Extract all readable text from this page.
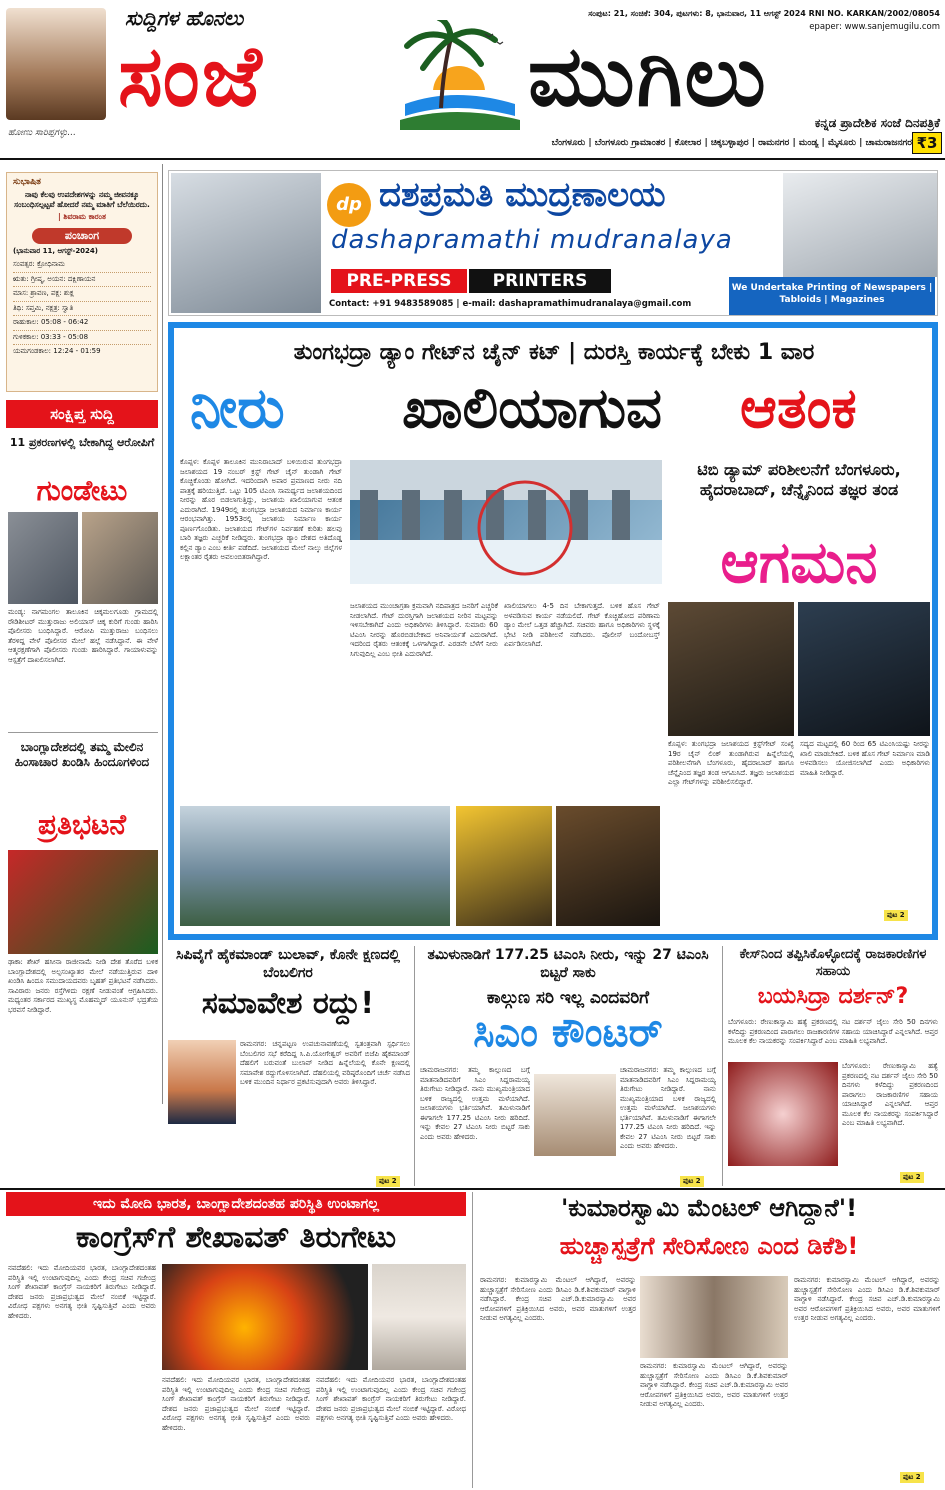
ಹೋಣು ಸಾರಿಪ್ಪಗಳ್ಳು...
ಸುದ್ದಿಗಳ ಹೊನಲು
ಸಂಜೆ	ಮುಗಿಲು
ಸಂಪುಟ: 21, ಸಂಚಿಕೆ: 304, ಪುಟಗಳು: 8, ಭಾನುವಾರ, 11 ಆಗಸ್ಟ್ 2024 RNI NO. KARKAN/2002/08054
epaper: www.sanjemugilu.com
ಕನ್ನಡ ಪ್ರಾದೇಶಿಕ ಸಂಜೆ ದಿನಪತ್ರಿಕೆ
ಬೆಂಗಳೂರು | ಬೆಂಗಳೂರು ಗ್ರಾಮಾಂತರ | ಕೋಲಾರ | ಚಿಕ್ಕಬಳ್ಳಾಪುರ | ರಾಮನಗರ | ಮಂಡ್ಯ | ಮೈಸೂರು | ಚಾಮರಾಜನಗರ ₹3
ಸುಭಾಷಿತ
ನಾವು ಕೆಲವು ಉಪದೇಶಗಳನ್ನು ನಮ್ಮ ಜೀವನಕ್ಕೂ ಸಂಬಂಧಿಸಲ್ಪಟ್ಟವೆ ಹೋದರೆ ನಮ್ಮ ಮಾತಿಗೆ ಬೆಲೆಯಿರದು.
| ಶಿವರಾಮ ಕಾರಂತ
ಪಂಚಾಂಗ
(ಭಾನುವಾರ 11, ಆಗಸ್ಟ್-2024)
ಸಂವತ್ಸರ: ಕ್ರೋಧಿನಾಮ
ಋತು: ಗ್ರೀಷ್ಮ, ಅಯನ: ದಕ್ಷಿಣಾಯನ
ಮಾಸ: ಶ್ರಾವಣ, ಪಕ್ಷ: ಶುಕ್ಲ
ತಿಥಿ: ಸಪ್ತಮಿ, ನಕ್ಷತ್ರ: ಸ್ವಾತಿ
ರಾಹುಕಾಲ: 05:08 - 06:42
ಗುಳಿಕಕಾಲ: 03:33 - 05:08
ಯಮಗಂಡಕಾಲ: 12:24 - 01:59
ಸಂಕ್ಷಿಪ್ತ ಸುದ್ದಿ
11 ಪ್ರಕರಣಗಳಲ್ಲಿ ಬೇಕಾಗಿದ್ದ ಆರೋಪಿಗೆ
ಗುಂಡೇಟು
ಮಂಡ್ಯ: ನಾಗಮಂಗಲ ತಾಲೂಕಿನ ಚಿಕ್ಕಮಲಗೂಡು ಗ್ರಾಮದಲ್ಲಿ ರೌಡಿಶೀಟರ್ ಮುತ್ತುರಾಜು ಅಲಿಯಾಸ್ ಚಿಕ್ಕ ಕುರಿಗೆ ಗುಂಡು ಹಾರಿಸಿ ಪೊಲೀಸರು ಬಂಧಿಸಿದ್ದಾರೆ. ಆರೋಪಿ ಮುತ್ತುರಾಜು ಬಂಧಿಸಲು ತೆರಳಿದ್ದ ವೇಳೆ ಪೊಲೀಸರ ಮೇಲೆ ಹಲ್ಲೆ ನಡೆಸಿದ್ದಾನೆ. ಈ ವೇಳೆ ಆತ್ಮರಕ್ಷಣೆಗಾಗಿ ಪೊಲೀಸರು ಗುಂಡು ಹಾರಿಸಿದ್ದಾರೆ. ಗಾಯಾಳುವನ್ನು ಆಸ್ಪತ್ರೆಗೆ ದಾಖಲಿಸಲಾಗಿದೆ.
ಬಾಂಗ್ಲಾದೇಶದಲ್ಲಿ ತಮ್ಮ ಮೇಲಿನ ಹಿಂಸಾಚಾರ ಖಂಡಿಸಿ ಹಿಂದೂಗಳಿಂದ
ಪ್ರತಿಭಟನೆ
ಢಾಕಾ: ಶೇಖ್ ಹಸೀನಾ ರಾಜೀನಾಮೆ ನೀಡಿ ದೇಶ ತೊರೆದ ಬಳಿಕ ಬಾಂಗ್ಲಾದೇಶದಲ್ಲಿ ಅಲ್ಪಸಂಖ್ಯಾತರ ಮೇಲೆ ನಡೆಯುತ್ತಿರುವ ದಾಳಿ ಖಂಡಿಸಿ ಹಿಂದೂ ಸಮುದಾಯದವರು ಬೃಹತ್ ಪ್ರತಿಭಟನೆ ನಡೆಸಿದರು. ಸಾವಿರಾರು ಜನರು ರಸ್ತೆಗಿಳಿದು ರಕ್ಷಣೆ ನೀಡುವಂತೆ ಆಗ್ರಹಿಸಿದರು. ಮಧ್ಯಂತರ ಸರ್ಕಾರದ ಮುಖ್ಯಸ್ಥ ಮೊಹಮ್ಮದ್ ಯೂನುಸ್ ಭದ್ರತೆಯ ಭರವಸೆ ನೀಡಿದ್ದಾರೆ.
dp ದಶಪ್ರಮತಿ ಮುದ್ರಣಾಲಯ
dashapramathi mudranalaya
PRE-PRESS	PRINTERS
Contact: +91 9483589085 | e-mail: dashapramathimudranalaya@gmail.com
We Undertake Printing of Newspapers | Tabloids | Magazines
ತುಂಗಭದ್ರಾ ಡ್ಯಾಂ ಗೇಟ್‌ನ ಚೈನ್ ಕಟ್ | ದುರಸ್ತಿ ಕಾರ್ಯಕ್ಕೆ ಬೇಕು 1 ವಾರ
ನೀರು ಖಾಲಿಯಾಗುವ ಆತಂಕ
ಕೊಪ್ಪಳ: ಕೊಪ್ಪಳ ತಾಲೂಕಿನ ಮುನಿರಾಬಾದ್ ಬಳಿಯಿರುವ ತುಂಗಭದ್ರಾ ಜಲಾಶಯದ 19 ನಂಬರ್ ಕ್ರಸ್ಟ್ ಗೇಟ್ ಚೈನ್ ತುಂಡಾಗಿ ಗೇಟ್ ಕೊಚ್ಚಿಕೊಂಡು ಹೋಗಿದೆ. ಇದರಿಂದಾಗಿ ಅಪಾರ ಪ್ರಮಾಣದ ನೀರು ನದಿ ಪಾತ್ರಕ್ಕೆ ಹರಿಯುತ್ತಿದೆ. ಒಟ್ಟು 105 ಟಿಎಂಸಿ ಸಾಮರ್ಥ್ಯದ ಜಲಾಶಯದಿಂದ ನೀರನ್ನು ಹೊರ ಬಿಡಲಾಗುತ್ತಿದ್ದು, ಜಲಾಶಯ ಖಾಲಿಯಾಗುವ ಆತಂಕ ಎದುರಾಗಿದೆ. 1949ರಲ್ಲಿ ತುಂಗಭದ್ರಾ ಜಲಾಶಯದ ನಿರ್ಮಾಣ ಕಾರ್ಯ ಆರಂಭವಾಗಿತ್ತು. 1953ರಲ್ಲಿ ಜಲಾಶಯ ನಿರ್ಮಾಣ ಕಾರ್ಯ ಪೂರ್ಣಗೊಂಡಿತು. ಜಲಾಶಯದ ಗೇಟ್‌ಗಳ ನಿರ್ವಹಣೆ ಕುರಿತು ಹಲವು ಬಾರಿ ತಜ್ಞರು ಎಚ್ಚರಿಕೆ ನೀಡಿದ್ದರು. ತುಂಗಭದ್ರಾ ಡ್ಯಾಂ ದೇಶದ ಅತಿದೊಡ್ಡ ಕಲ್ಲಿನ ಡ್ಯಾಂ ಎಂಬ ಕೀರ್ತಿ ಪಡೆದಿದೆ. ಜಲಾಶಯದ ಮೇಲೆ ನಾಲ್ಕು ಜಿಲ್ಲೆಗಳ ಲಕ್ಷಾಂತರ ರೈತರು ಅವಲಂಬಿತರಾಗಿದ್ದಾರೆ.
ಜಲಾಶಯದ ಮುಂಚಾಗ್ರತಾ ಕ್ರಮವಾಗಿ ನದಿಪಾತ್ರದ ಜನರಿಗೆ ಎಚ್ಚರಿಕೆ ನೀಡಲಾಗಿದೆ. ಗೇಟ್ ದುರಸ್ತಿಗಾಗಿ ಜಲಾಶಯದ ನೀರಿನ ಮಟ್ಟವನ್ನು ಇಳಿಸಬೇಕಾಗಿದೆ ಎಂದು ಅಧಿಕಾರಿಗಳು ತಿಳಿಸಿದ್ದಾರೆ. ಸುಮಾರು 60 ಟಿಎಂಸಿ ನೀರನ್ನು ಹೊರಬಿಡಬೇಕಾದ ಅನಿವಾರ್ಯತೆ ಎದುರಾಗಿದೆ. ಇದರಿಂದ ರೈತರು ಆತಂಕಕ್ಕೆ ಒಳಗಾಗಿದ್ದಾರೆ. ಎರಡನೇ ಬೆಳೆಗೆ ನೀರು ಸಿಗುವುದಿಲ್ಲ ಎಂಬ ಭೀತಿ ಎದುರಾಗಿದೆ.
ಖಾಲಿಯಾಗಲು 4-5 ದಿನ ಬೇಕಾಗುತ್ತದೆ. ಬಳಿಕ ಹೊಸ ಗೇಟ್ ಅಳವಡಿಸುವ ಕಾರ್ಯ ನಡೆಯಲಿದೆ. ಗೇಟ್ ಕೊಚ್ಚಿಹೋದ ಪರಿಣಾಮ ಡ್ಯಾಂ ಮೇಲೆ ಒತ್ತಡ ಹೆಚ್ಚಾಗಿದೆ. ಸಚಿವರು ಹಾಗೂ ಅಧಿಕಾರಿಗಳು ಸ್ಥಳಕ್ಕೆ ಭೇಟಿ ನೀಡಿ ಪರಿಶೀಲನೆ ನಡೆಸಿದರು. ಪೊಲೀಸ್ ಬಂದೋಬಸ್ತ್ ಏರ್ಪಡಿಸಲಾಗಿದೆ.
ಟಿಬಿ ಡ್ಯಾಮ್ ಪರಿಶೀಲನೆಗೆ ಬೆಂಗಳೂರು, ಹೈದರಾಬಾದ್, ಚೆನ್ನೈನಿಂದ ತಜ್ಞರ ತಂಡ
ಆಗಮನ
ಕೊಪ್ಪಳ: ತುಂಗಭದ್ರಾ ಜಲಾಶಯದ ಕ್ರಸ್ಟ್‌ಗೇಟ್ ಸಂಖ್ಯೆ 19ರ ಚೈನ್ ಲಿಂಕ್ ತುಂಡಾಗಿರುವ ಹಿನ್ನೆಲೆಯಲ್ಲಿ ಪರಿಶೀಲನೆಗಾಗಿ ಬೆಂಗಳೂರು, ಹೈದರಾಬಾದ್ ಹಾಗೂ ಚೆನ್ನೈನಿಂದ ತಜ್ಞರ ತಂಡ ಆಗಮಿಸಿದೆ. ತಜ್ಞರು ಜಲಾಶಯದ ಎಲ್ಲಾ ಗೇಟ್‌ಗಳನ್ನು ಪರಿಶೀಲಿಸಲಿದ್ದಾರೆ.
ಸದ್ಯದ ಮಟ್ಟದಲ್ಲಿ 60 ರಿಂದ 65 ಟಿಎಂಸಿಯಷ್ಟು ನೀರನ್ನು ಖಾಲಿ ಮಾಡಬೇಕಿದೆ. ಬಳಿಕ ಹೊಸ ಗೇಟ್ ನಿರ್ಮಾಣ ಮಾಡಿ ಅಳವಡಿಸಲು ಯೋಜಿಸಲಾಗಿದೆ ಎಂದು ಅಧಿಕಾರಿಗಳು ಮಾಹಿತಿ ನೀಡಿದ್ದಾರೆ.
ಪುಟ 2
ಸಿಪಿವೈಗೆ ಹೈಕಮಾಂಡ್ ಬುಲಾವ್, ಕೊನೇ ಕ್ಷಣದಲ್ಲಿ ಬೆಂಬಲಿಗರ
ಸಮಾವೇಶ ರದ್ದು!
ರಾಮನಗರ: ಚನ್ನಪಟ್ಟಣ ಉಪಚುನಾವಣೆಯಲ್ಲಿ ಸ್ವತಂತ್ರವಾಗಿ ಸ್ಪರ್ಧಿಸಲು ಬೆಂಬಲಿಗರ ಸಭೆ ಕರೆದಿದ್ದ ಸಿ.ಪಿ.ಯೋಗೇಶ್ವರ್ ಅವರಿಗೆ ಬಿಜೆಪಿ ಹೈಕಮಾಂಡ್ ದೆಹಲಿಗೆ ಬರುವಂತೆ ಬುಲಾವ್ ನೀಡಿದ ಹಿನ್ನೆಲೆಯಲ್ಲಿ ಕೊನೇ ಕ್ಷಣದಲ್ಲಿ ಸಮಾವೇಶ ರದ್ದುಗೊಳಿಸಲಾಗಿದೆ. ದೆಹಲಿಯಲ್ಲಿ ವರಿಷ್ಠರೊಂದಿಗೆ ಚರ್ಚೆ ನಡೆಸಿದ ಬಳಿಕ ಮುಂದಿನ ನಿರ್ಧಾರ ಪ್ರಕಟಿಸುವುದಾಗಿ ಅವರು ತಿಳಿಸಿದ್ದಾರೆ.
ಪುಟ 2
ತಮಿಳುನಾಡಿಗೆ 177.25 ಟಿಎಂಸಿ ನೀರು, ಇನ್ನು 27 ಟಿಎಂಸಿ ಬಿಟ್ಟರೆ ಸಾಕು
ಕಾಲ್ಗುಣ ಸರಿ ಇಲ್ಲ ಎಂದವರಿಗೆ
ಸಿಎಂ ಕೌಂಟರ್
ಚಾಮರಾಜನಗರ: ತಮ್ಮ ಕಾಲ್ಗುಣದ ಬಗ್ಗೆ ಮಾತನಾಡಿದವರಿಗೆ ಸಿಎಂ ಸಿದ್ದರಾಮಯ್ಯ ತಿರುಗೇಟು ನೀಡಿದ್ದಾರೆ. ನಾನು ಮುಖ್ಯಮಂತ್ರಿಯಾದ ಬಳಿಕ ರಾಜ್ಯದಲ್ಲಿ ಉತ್ತಮ ಮಳೆಯಾಗಿದೆ. ಜಲಾಶಯಗಳು ಭರ್ತಿಯಾಗಿವೆ. ತಮಿಳುನಾಡಿಗೆ ಈಗಾಗಲೇ 177.25 ಟಿಎಂಸಿ ನೀರು ಹರಿದಿದೆ. ಇನ್ನು ಕೇವಲ 27 ಟಿಎಂಸಿ ನೀರು ಬಿಟ್ಟರೆ ಸಾಕು ಎಂದು ಅವರು ಹೇಳಿದರು.
ಚಾಮರಾಜನಗರ: ತಮ್ಮ ಕಾಲ್ಗುಣದ ಬಗ್ಗೆ ಮಾತನಾಡಿದವರಿಗೆ ಸಿಎಂ ಸಿದ್ದರಾಮಯ್ಯ ತಿರುಗೇಟು ನೀಡಿದ್ದಾರೆ. ನಾನು ಮುಖ್ಯಮಂತ್ರಿಯಾದ ಬಳಿಕ ರಾಜ್ಯದಲ್ಲಿ ಉತ್ತಮ ಮಳೆಯಾಗಿದೆ. ಜಲಾಶಯಗಳು ಭರ್ತಿಯಾಗಿವೆ. ತಮಿಳುನಾಡಿಗೆ ಈಗಾಗಲೇ 177.25 ಟಿಎಂಸಿ ನೀರು ಹರಿದಿದೆ. ಇನ್ನು ಕೇವಲ 27 ಟಿಎಂಸಿ ನೀರು ಬಿಟ್ಟರೆ ಸಾಕು ಎಂದು ಅವರು ಹೇಳಿದರು.
ಪುಟ 2
ಕೇಸ್‌ನಿಂದ ತಪ್ಪಿಸಿಕೊಳ್ಳೋದಕ್ಕೆ ರಾಜಕಾರಣಿಗಳ ಸಹಾಯ
ಬಯಸಿದ್ರಾ ದರ್ಶನ್?
ಬೆಂಗಳೂರು: ರೇಣುಕಾಸ್ವಾಮಿ ಹತ್ಯೆ ಪ್ರಕರಣದಲ್ಲಿ ನಟ ದರ್ಶನ್ ಜೈಲು ಸೇರಿ 50 ದಿನಗಳು ಕಳೆದಿದ್ದು ಪ್ರಕರಣದಿಂದ ಪಾರಾಗಲು ರಾಜಕಾರಣಿಗಳ ಸಹಾಯ ಯಾಚಿಸಿದ್ದಾರೆ ಎನ್ನಲಾಗಿದೆ. ಆಪ್ತರ ಮೂಲಕ ಕೆಲ ನಾಯಕರನ್ನು ಸಂಪರ್ಕಿಸಿದ್ದಾರೆ ಎಂಬ ಮಾಹಿತಿ ಲಭ್ಯವಾಗಿದೆ.
ಬೆಂಗಳೂರು: ರೇಣುಕಾಸ್ವಾಮಿ ಹತ್ಯೆ ಪ್ರಕರಣದಲ್ಲಿ ನಟ ದರ್ಶನ್ ಜೈಲು ಸೇರಿ 50 ದಿನಗಳು ಕಳೆದಿದ್ದು ಪ್ರಕರಣದಿಂದ ಪಾರಾಗಲು ರಾಜಕಾರಣಿಗಳ ಸಹಾಯ ಯಾಚಿಸಿದ್ದಾರೆ ಎನ್ನಲಾಗಿದೆ. ಆಪ್ತರ ಮೂಲಕ ಕೆಲ ನಾಯಕರನ್ನು ಸಂಪರ್ಕಿಸಿದ್ದಾರೆ ಎಂಬ ಮಾಹಿತಿ ಲಭ್ಯವಾಗಿದೆ.
ಪುಟ 2
ಇದು ಮೋದಿ ಭಾರತ, ಬಾಂಗ್ಲಾದೇಶದಂತಹ ಪರಿಸ್ಥಿತಿ ಉಂಟಾಗಲ್ಲ
ಕಾಂಗ್ರೆಸ್‌ಗೆ ಶೇಖಾವತ್ ತಿರುಗೇಟು
ನವದೆಹಲಿ: ಇದು ಮೋದಿಯವರ ಭಾರತ, ಬಾಂಗ್ಲಾದೇಶದಂತಹ ಪರಿಸ್ಥಿತಿ ಇಲ್ಲಿ ಉಂಟಾಗುವುದಿಲ್ಲ ಎಂದು ಕೇಂದ್ರ ಸಚಿವ ಗಜೇಂದ್ರ ಸಿಂಗ್ ಶೇಖಾವತ್ ಕಾಂಗ್ರೆಸ್ ನಾಯಕರಿಗೆ ತಿರುಗೇಟು ನೀಡಿದ್ದಾರೆ. ದೇಶದ ಜನರು ಪ್ರಜಾಪ್ರಭುತ್ವದ ಮೇಲೆ ನಂಬಿಕೆ ಇಟ್ಟಿದ್ದಾರೆ. ವಿರೋಧ ಪಕ್ಷಗಳು ಅನಗತ್ಯ ಭೀತಿ ಸೃಷ್ಟಿಸುತ್ತಿವೆ ಎಂದು ಅವರು ಹೇಳಿದರು.
ನವದೆಹಲಿ: ಇದು ಮೋದಿಯವರ ಭಾರತ, ಬಾಂಗ್ಲಾದೇಶದಂತಹ ಪರಿಸ್ಥಿತಿ ಇಲ್ಲಿ ಉಂಟಾಗುವುದಿಲ್ಲ ಎಂದು ಕೇಂದ್ರ ಸಚಿವ ಗಜೇಂದ್ರ ಸಿಂಗ್ ಶೇಖಾವತ್ ಕಾಂಗ್ರೆಸ್ ನಾಯಕರಿಗೆ ತಿರುಗೇಟು ನೀಡಿದ್ದಾರೆ. ದೇಶದ ಜನರು ಪ್ರಜಾಪ್ರಭುತ್ವದ ಮೇಲೆ ನಂಬಿಕೆ ಇಟ್ಟಿದ್ದಾರೆ. ವಿರೋಧ ಪಕ್ಷಗಳು ಅನಗತ್ಯ ಭೀತಿ ಸೃಷ್ಟಿಸುತ್ತಿವೆ ಎಂದು ಅವರು ಹೇಳಿದರು.
ನವದೆಹಲಿ: ಇದು ಮೋದಿಯವರ ಭಾರತ, ಬಾಂಗ್ಲಾದೇಶದಂತಹ ಪರಿಸ್ಥಿತಿ ಇಲ್ಲಿ ಉಂಟಾಗುವುದಿಲ್ಲ ಎಂದು ಕೇಂದ್ರ ಸಚಿವ ಗಜೇಂದ್ರ ಸಿಂಗ್ ಶೇಖಾವತ್ ಕಾಂಗ್ರೆಸ್ ನಾಯಕರಿಗೆ ತಿರುಗೇಟು ನೀಡಿದ್ದಾರೆ. ದೇಶದ ಜನರು ಪ್ರಜಾಪ್ರಭುತ್ವದ ಮೇಲೆ ನಂಬಿಕೆ ಇಟ್ಟಿದ್ದಾರೆ. ವಿರೋಧ ಪಕ್ಷಗಳು ಅನಗತ್ಯ ಭೀತಿ ಸೃಷ್ಟಿಸುತ್ತಿವೆ ಎಂದು ಅವರು ಹೇಳಿದರು.
'ಕುಮಾರಸ್ವಾಮಿ ಮೆಂಟಲ್ ಆಗಿದ್ದಾನೆ'!
ಹುಚ್ಚಾಸ್ಪತ್ರೆಗೆ ಸೇರಿಸೋಣ ಎಂದ ಡಿಕೆಶಿ!
ರಾಮನಗರ: ಕುಮಾರಸ್ವಾಮಿ ಮೆಂಟಲ್ ಆಗಿದ್ದಾರೆ, ಅವರನ್ನು ಹುಚ್ಚಾಸ್ಪತ್ರೆಗೆ ಸೇರಿಸೋಣ ಎಂದು ಡಿಸಿಎಂ ಡಿ.ಕೆ.ಶಿವಕುಮಾರ್ ವಾಗ್ದಾಳಿ ನಡೆಸಿದ್ದಾರೆ. ಕೇಂದ್ರ ಸಚಿವ ಎಚ್.ಡಿ.ಕುಮಾರಸ್ವಾಮಿ ಅವರ ಆರೋಪಗಳಿಗೆ ಪ್ರತಿಕ್ರಿಯಿಸಿದ ಅವರು, ಅವರ ಮಾತುಗಳಿಗೆ ಉತ್ತರ ನೀಡುವ ಅಗತ್ಯವಿಲ್ಲ ಎಂದರು.
ರಾಮನಗರ: ಕುಮಾರಸ್ವಾಮಿ ಮೆಂಟಲ್ ಆಗಿದ್ದಾರೆ, ಅವರನ್ನು ಹುಚ್ಚಾಸ್ಪತ್ರೆಗೆ ಸೇರಿಸೋಣ ಎಂದು ಡಿಸಿಎಂ ಡಿ.ಕೆ.ಶಿವಕುಮಾರ್ ವಾಗ್ದಾಳಿ ನಡೆಸಿದ್ದಾರೆ. ಕೇಂದ್ರ ಸಚಿವ ಎಚ್.ಡಿ.ಕುಮಾರಸ್ವಾಮಿ ಅವರ ಆರೋಪಗಳಿಗೆ ಪ್ರತಿಕ್ರಿಯಿಸಿದ ಅವರು, ಅವರ ಮಾತುಗಳಿಗೆ ಉತ್ತರ ನೀಡುವ ಅಗತ್ಯವಿಲ್ಲ ಎಂದರು.
ರಾಮನಗರ: ಕುಮಾರಸ್ವಾಮಿ ಮೆಂಟಲ್ ಆಗಿದ್ದಾರೆ, ಅವರನ್ನು ಹುಚ್ಚಾಸ್ಪತ್ರೆಗೆ ಸೇರಿಸೋಣ ಎಂದು ಡಿಸಿಎಂ ಡಿ.ಕೆ.ಶಿವಕುಮಾರ್ ವಾಗ್ದಾಳಿ ನಡೆಸಿದ್ದಾರೆ. ಕೇಂದ್ರ ಸಚಿವ ಎಚ್.ಡಿ.ಕುಮಾರಸ್ವಾಮಿ ಅವರ ಆರೋಪಗಳಿಗೆ ಪ್ರತಿಕ್ರಿಯಿಸಿದ ಅವರು, ಅವರ ಮಾತುಗಳಿಗೆ ಉತ್ತರ ನೀಡುವ ಅಗತ್ಯವಿಲ್ಲ ಎಂದರು.
ಪುಟ 2
